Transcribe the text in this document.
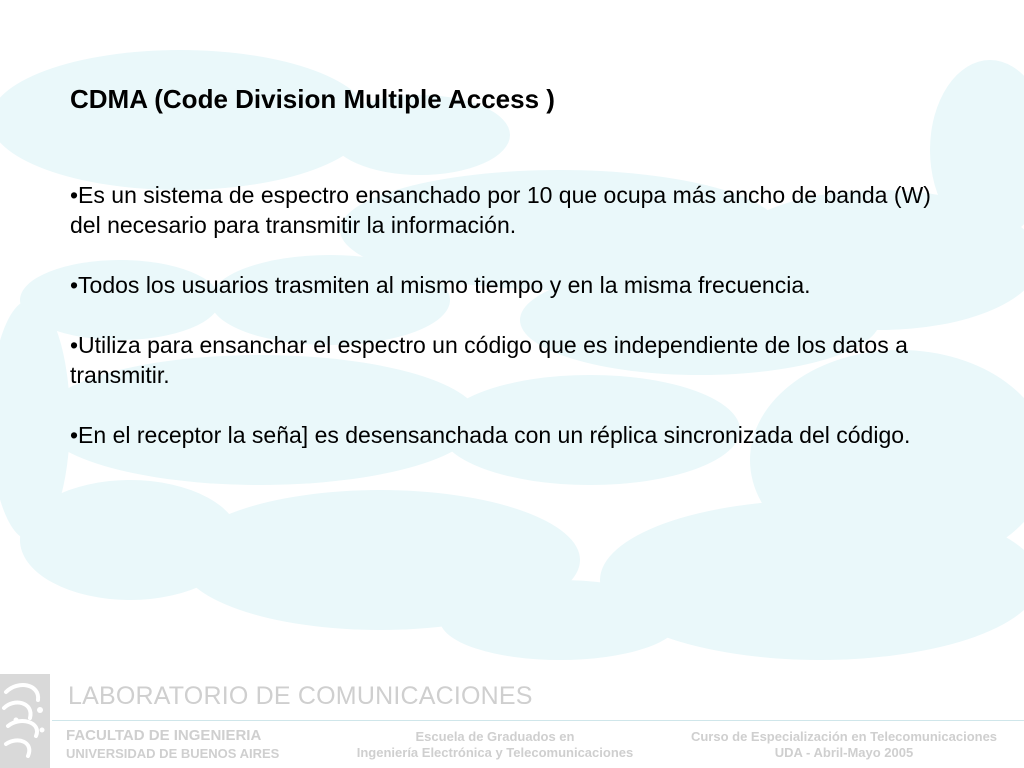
CDMA (Code Division Multiple Access )
•Es un sistema de espectro ensanchado por 10 que ocupa más ancho de banda (W) del necesario para transmitir la información.
•Todos los usuarios trasmiten al mismo tiempo y en la misma frecuencia.
•Utiliza para ensanchar el espectro un código que es independiente de los datos a transmitir.
•En el receptor la seña] es desensanchada con un réplica sincronizada del código.
LABORATORIO DE COMUNICACIONES
FACULTAD DE INGENIERIA
UNIVERSIDAD DE BUENOS AIRES
Escuela de Graduados en
Ingeniería Electrónica y Telecomunicaciones
Curso de Especialización en Telecomunicaciones
UDA - Abril-Mayo 2005
